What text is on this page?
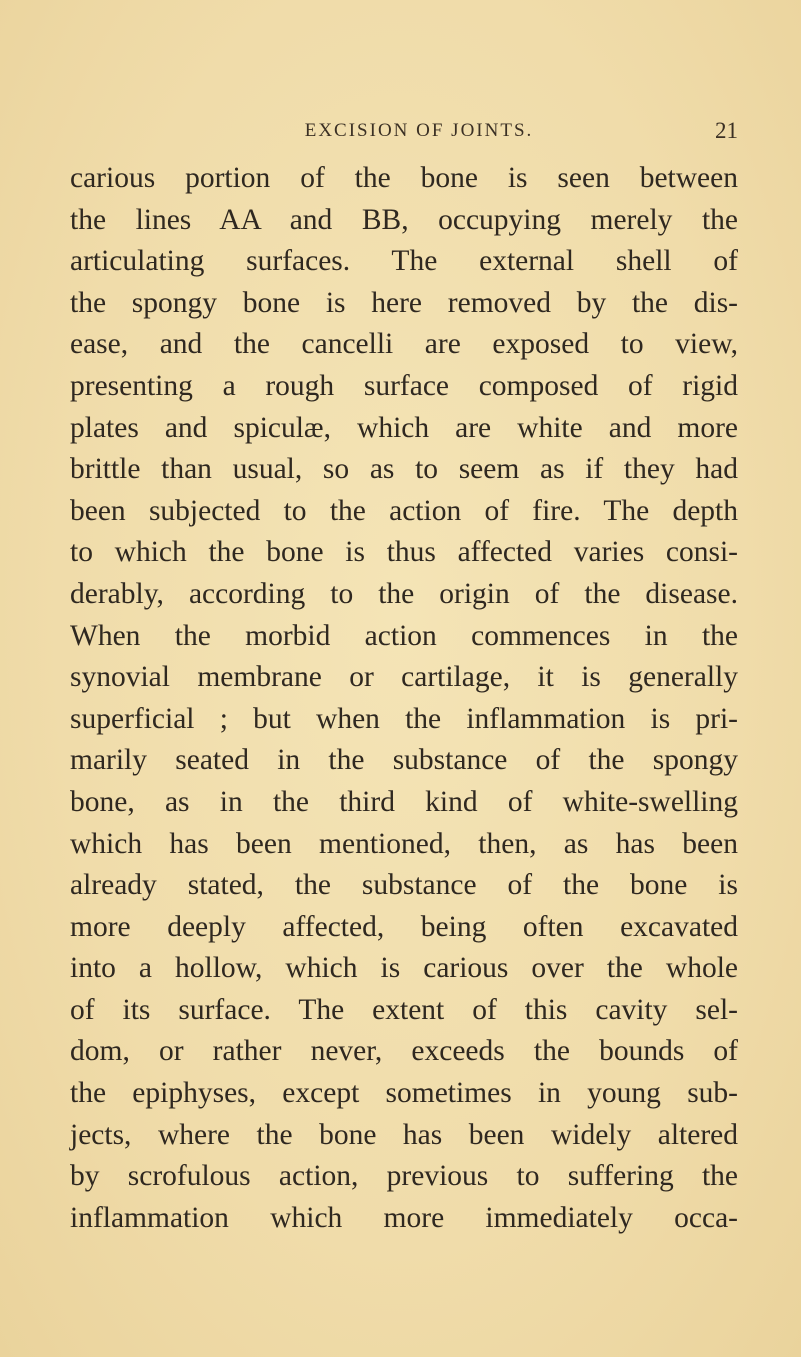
EXCISION OF JOINTS.	21
carious portion of the bone is seen between
the lines AA and BB, occupying merely the
articulating surfaces. The external shell of
the spongy bone is here removed by the dis-
ease, and the cancelli are exposed to view,
presenting a rough surface composed of rigid
plates and spiculæ, which are white and more
brittle than usual, so as to seem as if they had
been subjected to the action of fire. The depth
to which the bone is thus affected varies consi-
derably, according to the origin of the disease.
When the morbid action commences in the
synovial membrane or cartilage, it is generally
superficial ; but when the inflammation is pri-
marily seated in the substance of the spongy
bone, as in the third kind of white-swelling
which has been mentioned, then, as has been
already stated, the substance of the bone is
more deeply affected, being often excavated
into a hollow, which is carious over the whole
of its surface. The extent of this cavity sel-
dom, or rather never, exceeds the bounds of
the epiphyses, except sometimes in young sub-
jects, where the bone has been widely altered
by scrofulous action, previous to suffering the
inflammation which more immediately occa-
